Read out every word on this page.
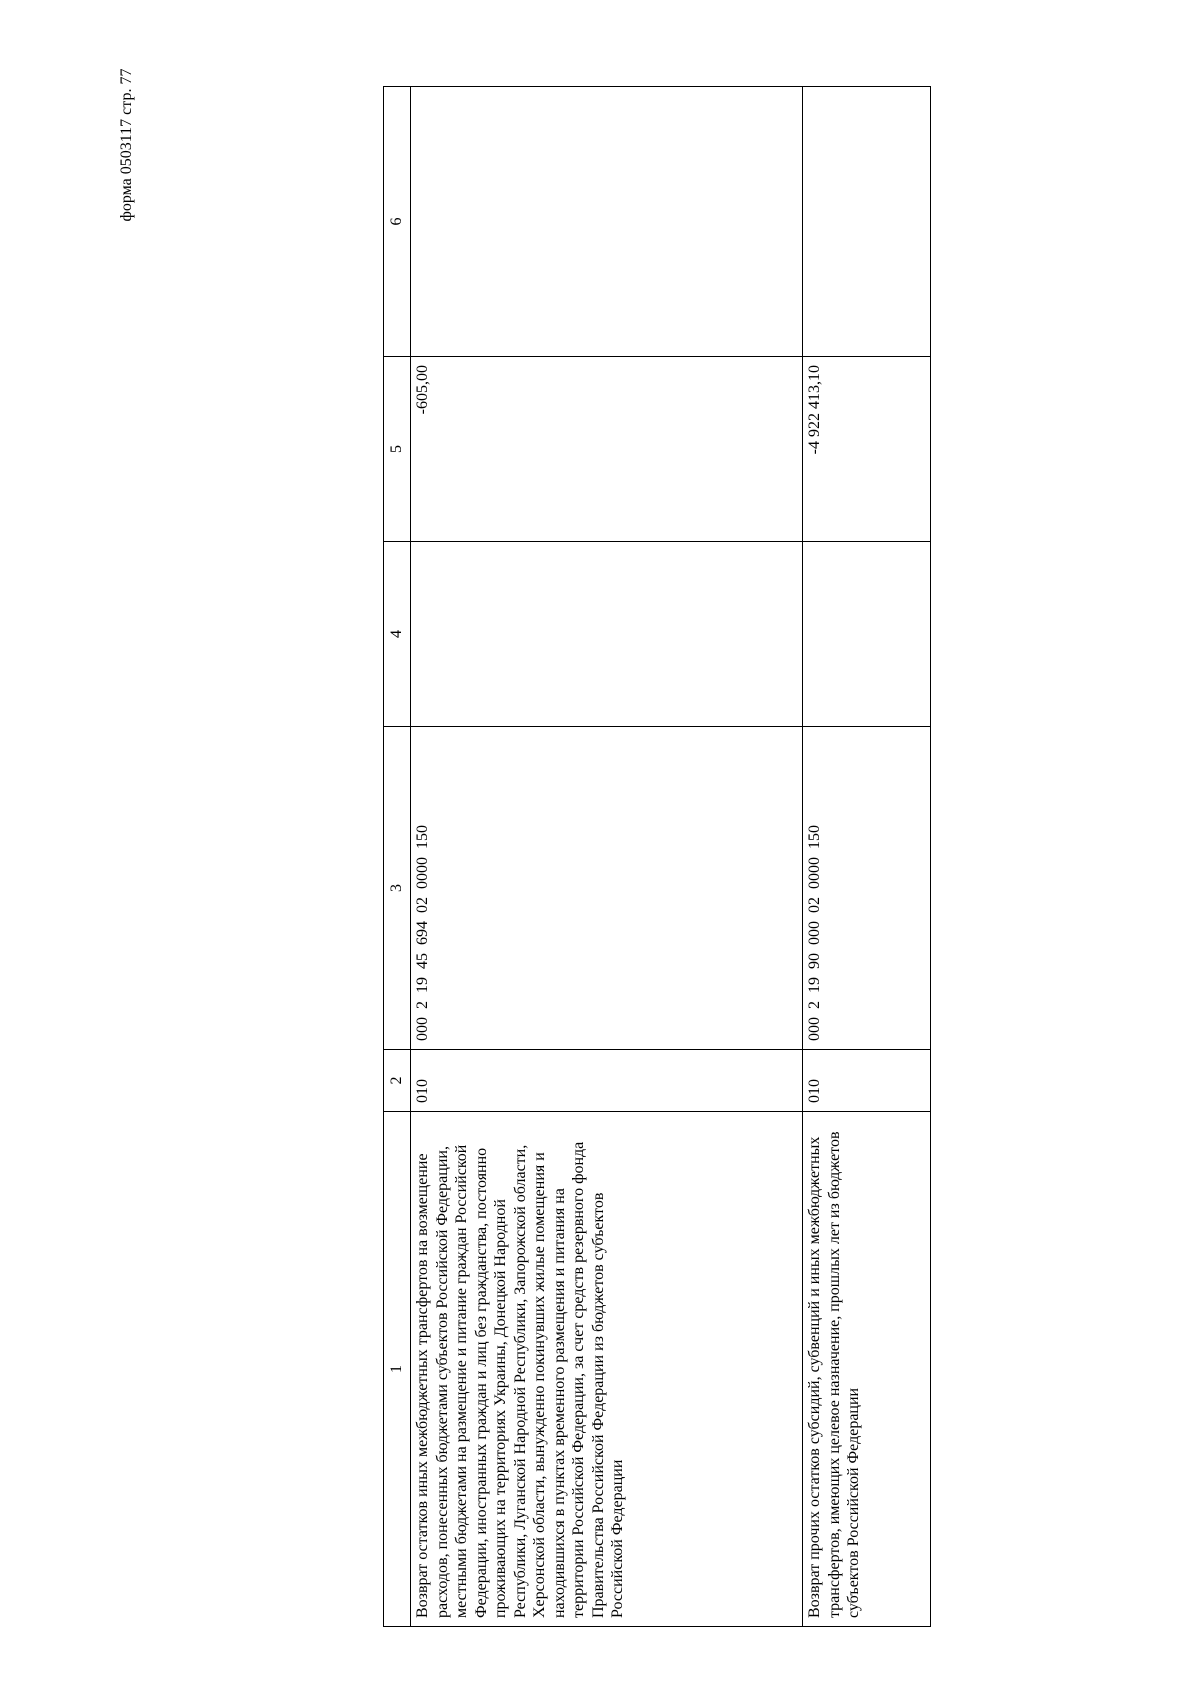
форма 0503117 стр. 77
1	2	3	4	5	6
Возврат остатков иных межбюджетных трансфертов на возмещение расходов, понесенных бюджетами субъектов Российской Федерации, местными бюджетами на размещение и питание граждан Российской Федерации, иностранных граждан и лиц без гражданства, постоянно проживающих на территориях Украины, Донецкой Народной Республики, Луганской Народной Республики, Запорожской области, Херсонской области, вынужденно покинувших жилые помещения и находившихся в пунктах временного размещения и питания на территории Российской Федерации, за счет средств резервного фонда Правительства Российской Федерации из бюджетов субъектов Российской Федерации	010	000  2  19  45  694  02  0000  150		-605,00	
Возврат прочих остатков субсидий, субвенций и иных межбюджетных трансфертов, имеющих целевое назначение, прошлых лет из бюджетов субъектов Российской Федерации	010	000  2  19  90  000  02  0000  150		-4 922 413,10	
